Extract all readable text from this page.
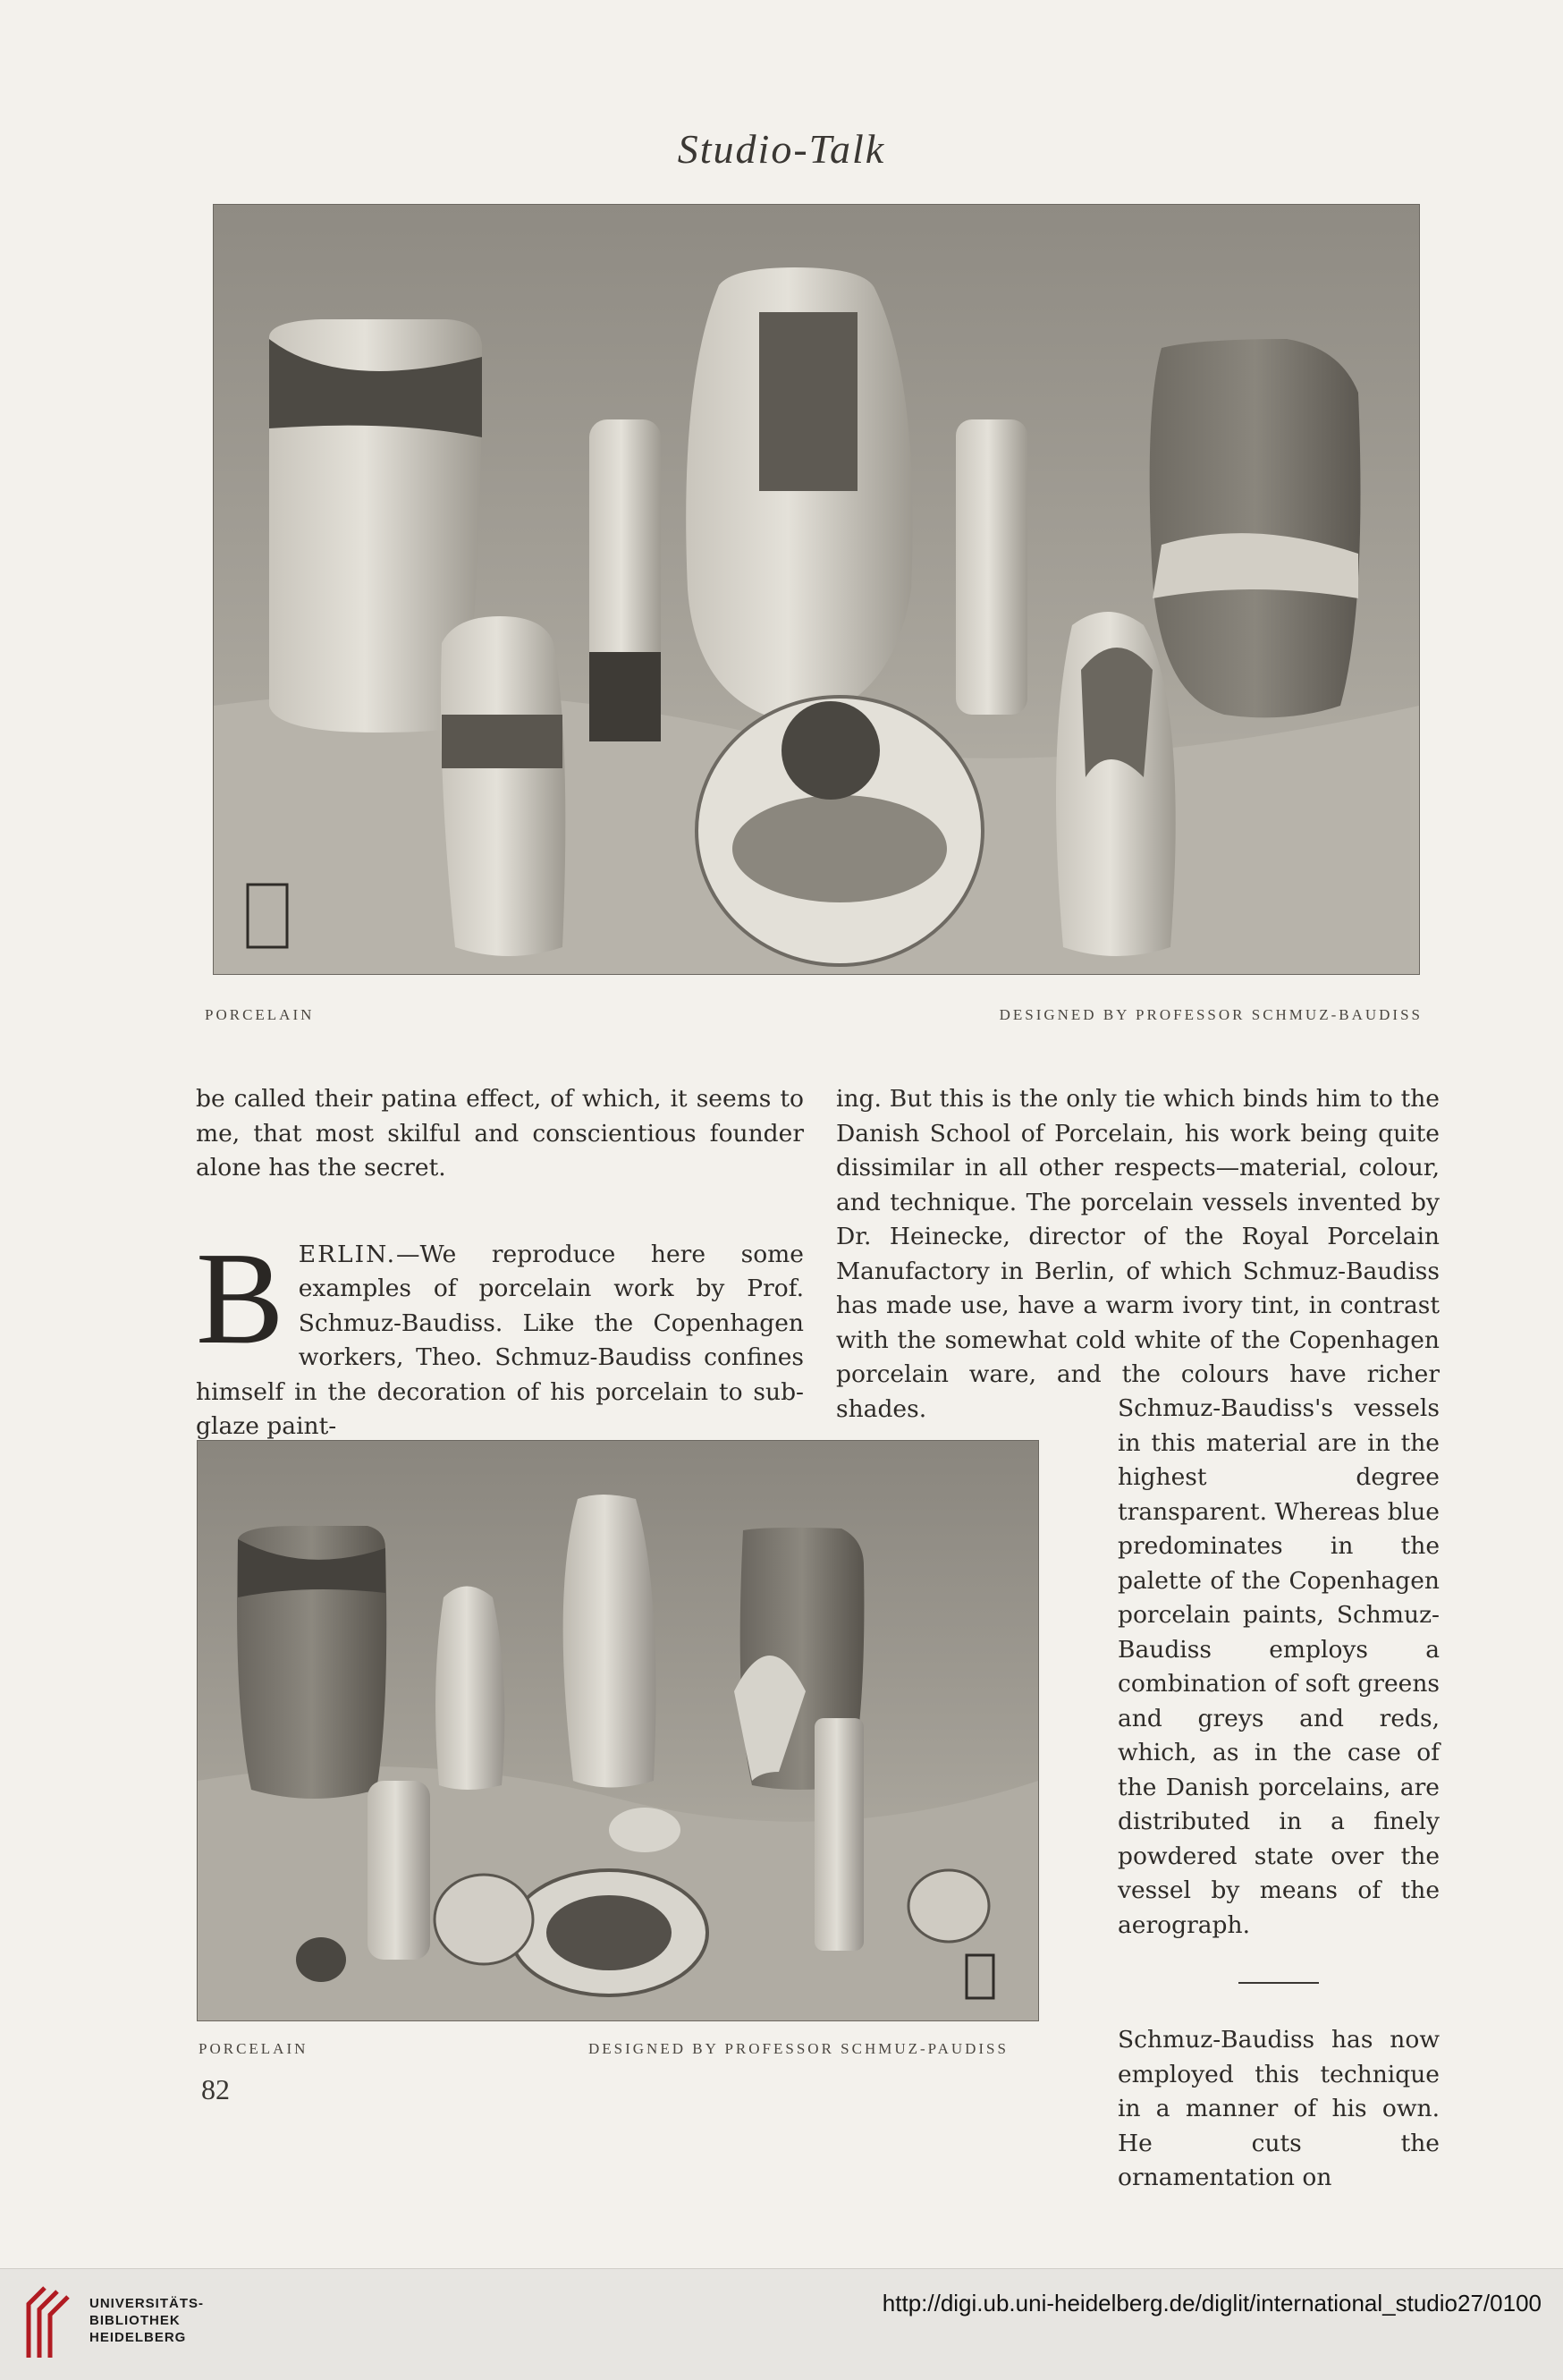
Studio-Talk
PORCELAIN	DESIGNED BY PROFESSOR SCHMUZ-BAUDISS

be called their patina effect, of which, it seems to me, that most skilful and conscientious founder alone has the secret.

BERLIN.—We reproduce here some examples of porcelain work by Prof. Schmuz-Baudiss. Like the Copenhagen workers, Theo. Schmuz-Baudiss confines himself in the decoration of his porcelain to sub-glaze paint-

ing. But this is the only tie which binds him to the Danish School of Porcelain, his work being quite dissimilar in all other respects—material, colour, and technique. The porcelain vessels invented by Dr. Heinecke, director of the Royal Porcelain Manufactory in Berlin, of which Schmuz-Baudiss has made use, have a warm ivory tint, in contrast with the somewhat cold white of the Copenhagen porcelain ware, and the colours have richer shades.

PORCELAIN	DESIGNED BY PROFESSOR SCHMUZ-PAUDISS

Schmuz-Baudiss's vessels in this material are in the highest degree transparent. Whereas blue predominates in the palette of the Copenhagen porcelain paints, Schmuz-Baudiss employs a combination of soft greens and greys and reds, which, as in the case of the Danish porcelains, are distributed in a finely powdered state over the vessel by means of the aerograph.

Schmuz-Baudiss has now employed this technique in a manner of his own. He cuts the ornamentation on

82
UNIVERSITÄTS-
BIBLIOTHEK
HEIDELBERG
http://digi.ub.uni-heidelberg.de/diglit/international_studio27/0100
